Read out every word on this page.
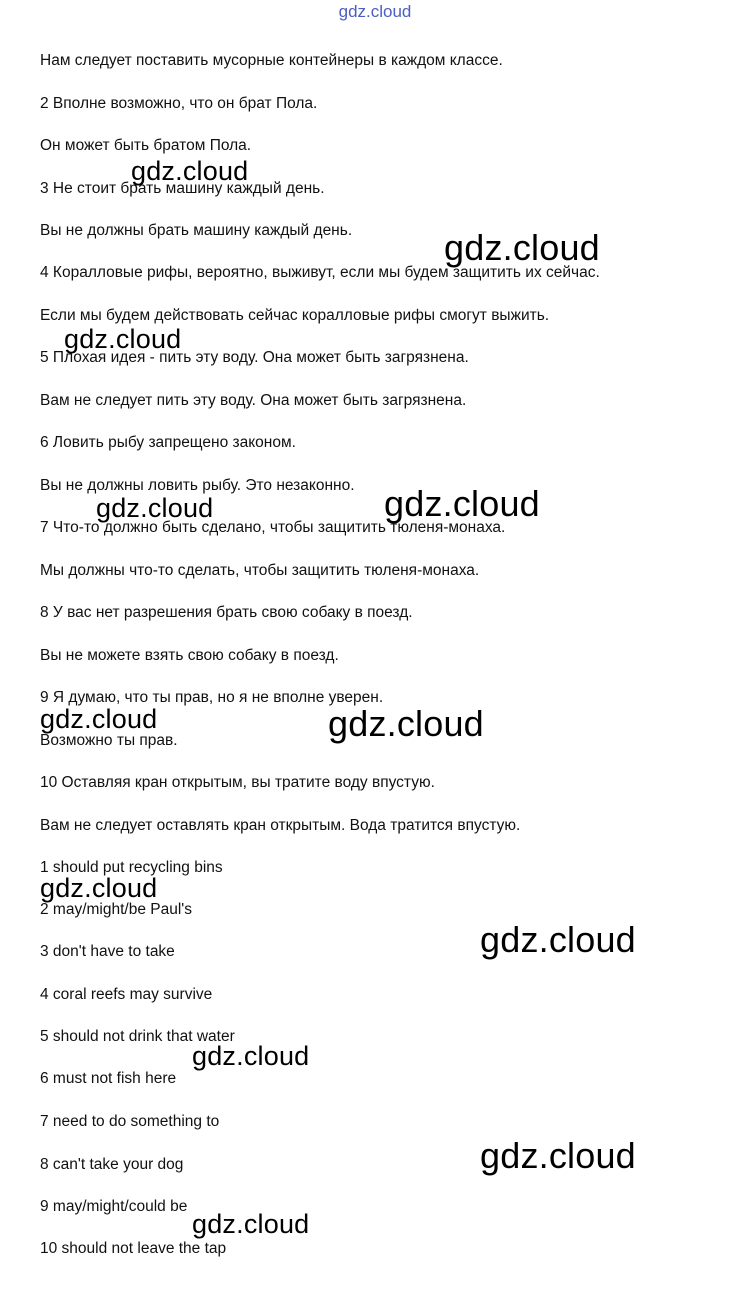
gdz.cloud
Нам следует поставить мусорные контейнеры в каждом классе.
2 Вполне возможно, что он брат Пола.
Он может быть братом Пола.
3 Не стоит брать машину каждый день.
Вы не должны брать машину каждый день.
4 Коралловые рифы, вероятно, выживут, если мы будем защитить их сейчас.
Если мы будем действовать сейчас коралловые рифы смогут выжить.
5 Плохая идея - пить эту воду. Она может быть загрязнена.
Вам не следует пить эту воду. Она может быть загрязнена.
6 Ловить рыбу запрещено законом.
Вы не должны ловить рыбу. Это незаконно.
7 Что-то должно быть сделано, чтобы защитить тюленя-монаха.
Мы должны что-то сделать, чтобы защитить тюленя-монаха.
8 У вас нет разрешения брать свою собаку в поезд.
Вы не можете взять свою собаку в поезд.
9 Я думаю, что ты прав, но я не вполне уверен.
Возможно ты прав.
10 Оставляя кран открытым, вы тратите воду впустую.
Вам не следует оставлять кран открытым. Вода тратится впустую.
1 should put recycling bins
2 may/might/be Paul's
3 don't have to take
4 coral reefs may survive
5 should not drink that water
6 must not fish here
7 need to do something to
8 can't take your dog
9 may/might/could be
10 should not leave the tap
gdz.cloud
gdz.cloud
gdz.cloud
gdz.cloud	gdz.cloud
gdz.cloud	gdz.cloud
gdz.cloud
gdz.cloud
gdz.cloud
gdz.cloud
gdz.cloud
